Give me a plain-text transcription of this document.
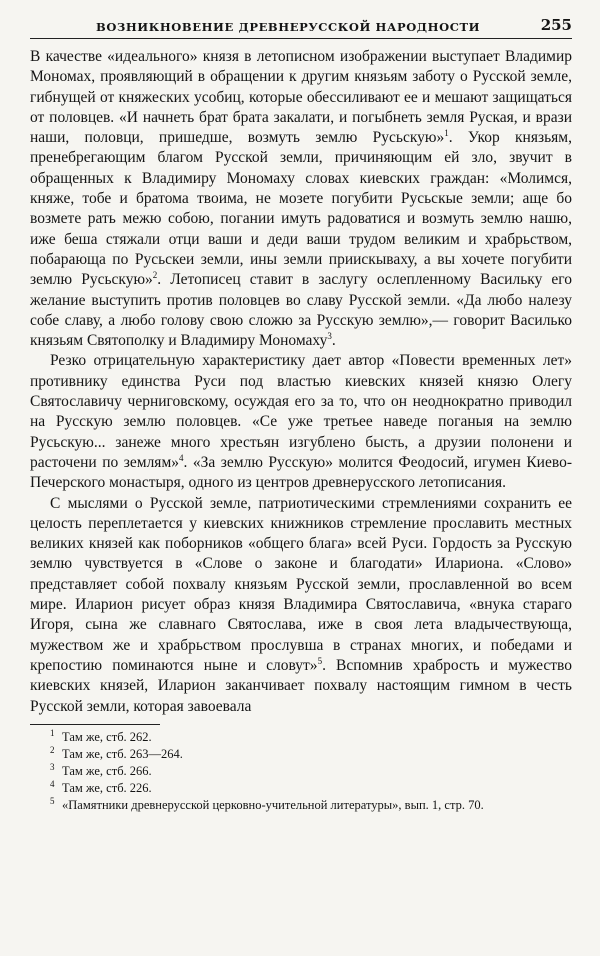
ВОЗНИКНОВЕНИЕ ДРЕВНЕРУССКОЙ НАРОДНОСТИ	255

В качестве «идеального» князя в летописном изображении выступает Владимир Мономах, проявляющий в обращении к другим князьям заботу о Русской земле, гибнущей от княжеских усобиц, которые обессиливают ее и мешают защищаться от половцев. «И начнеть брат брата закалати, и погыбнеть земля Руская, и врази наши, половци, пришедше, возмуть землю Русьскую»$^1$. Укор князьям, пренебрегающим благом Русской земли, причиняющим ей зло, звучит в обращенных к Владимиру Мономаху словах киевских граждан: «Молимся, княже, тобе и братома твоима, не мозете погубити Русьскые земли; аще бо возмете рать межю собою, погании имуть радоватися и возмуть землю нашю, иже беша стяжали отци ваши и деди ваши трудом великим и храбрьством, побарающа по Русьскеи земли, ины земли приискываху, а вы хочете погубити землю Русьскую»$^2$. Летописец ставит в заслугу ослепленному Васильку его желание выступить против половцев во славу Русской земли. «Да любо налезу собе славу, а любо голову свою сложю за Русскую землю»,— говорит Василько князьям Святополку и Владимиру Мономаху$^3$.

Резко отрицательную характеристику дает автор «Повести временных лет» противнику единства Руси под властью киевских князей князю Олегу Святославичу черниговскому, осуждая его за то, что он неоднократно приводил на Русскую землю половцев. «Се уже третьее наведе поганыя на землю Русьскую... занеже много хрестьян изгублено бысть, а друзии полонени и расточени по землям»$^4$. «За землю Русскую» молится Феодосий, игумен Киево-Печерского монастыря, одного из центров древнерусского летописания.

С мыслями о Русской земле, патриотическими стремлениями сохранить ее целость переплетается у киевских книжников стремление прославить местных великих князей как поборников «общего блага» всей Руси. Гордость за Русскую землю чувствуется в «Слове о законе и благодати» Илариона. «Слово» представляет собой похвалу князьям Русской земли, прославленной во всем мире. Иларион рисует образ князя Владимира Святославича, «внука стараго Игоря, сына же славнаго Святослава, иже в своя лета владычествующа, мужеством же и храбрьством прослувша в странах многих, и победами и крепостию поминаются ныне и словут»$^5$. Вспомнив храбрость и мужество киевских князей, Иларион заканчивает похвалу настоящим гимном в честь Русской земли, которая завоевала

1 Там же, стб. 262.
2 Там же, стб. 263—264.
3 Там же, стб. 266.
4 Там же, стб. 226.
5 «Памятники древнерусской церковно-учительной литературы», вып. 1, стр. 70.
